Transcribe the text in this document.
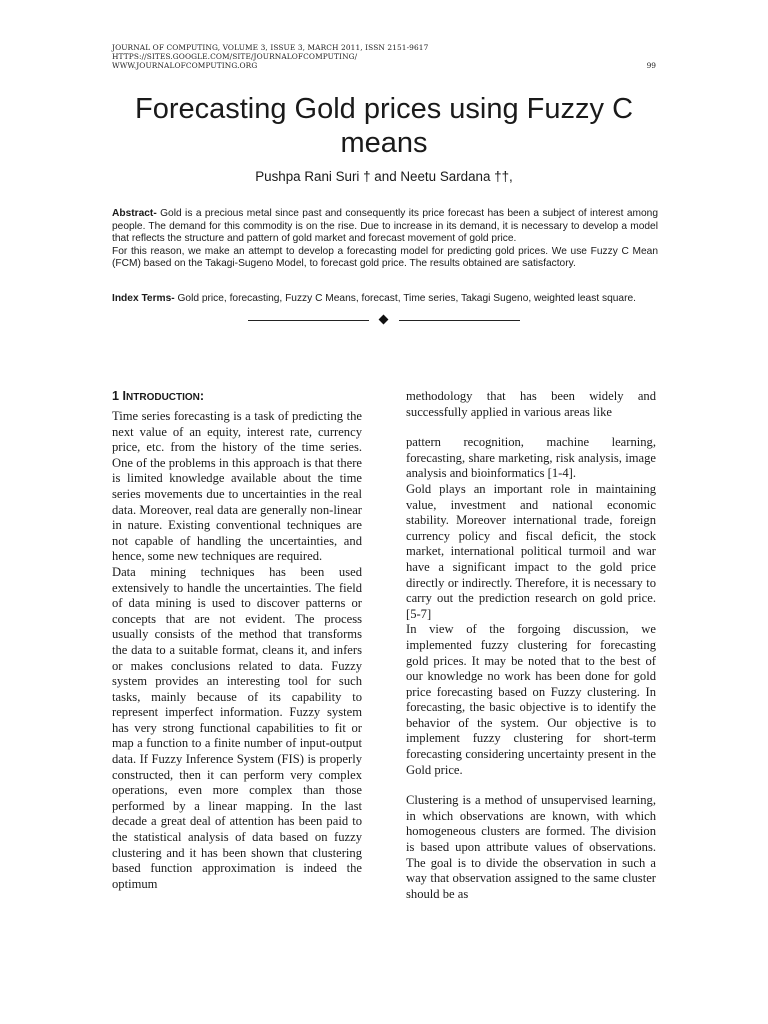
JOURNAL OF COMPUTING, VOLUME 3, ISSUE 3, MARCH 2011, ISSN 2151-9617
HTTPS://SITES.GOOGLE.COM/SITE/JOURNALOFCOMPUTING/
WWW.JOURNALOFCOMPUTING.ORG	99
Forecasting Gold prices using Fuzzy C
means
Pushpa Rani Suri † and Neetu Sardana ††,

Abstract- Gold is a precious metal since past and consequently its price forecast has been a subject of interest among people. The demand for this commodity is on the rise. Due to increase in its demand, it is necessary to develop a model that reflects the structure and pattern of gold market and forecast movement of gold price.

For this reason, we make an attempt to develop a forecasting model for predicting gold prices. We use Fuzzy C Mean (FCM) based on the Takagi-Sugeno Model, to forecast gold price. The results obtained are satisfactory.

Index Terms- Gold price, forecasting, Fuzzy C Means, forecast, Time series, Takagi Sugeno, weighted least square.
1 INTRODUCTION:

Time series forecasting is a task of predicting the next value of an equity, interest rate, currency price, etc. from the history of the time series. One of the problems in this approach is that there is limited knowledge available about the time series movements due to uncertainties in the real data. Moreover, real data are generally non-linear in nature. Existing conventional techniques are not capable of handling the uncertainties, and hence, some new techniques are required.

Data mining techniques has been used extensively to handle the uncertainties. The field of data mining is used to discover patterns or concepts that are not evident. The process usually consists of the method that transforms the data to a suitable format, cleans it, and infers or makes conclusions related to data. Fuzzy system provides an interesting tool for such tasks, mainly because of its capability to represent imperfect information. Fuzzy system has very strong functional capabilities to fit or map a function to a finite number of input-output data. If Fuzzy Inference System (FIS) is properly constructed, then it can perform very complex operations, even more complex than those performed by a linear mapping. In the last decade a great deal of attention has been paid to the statistical analysis of data based on fuzzy clustering and it has been shown that clustering based function approximation is indeed the optimum

methodology that has been widely and successfully applied in various areas like

pattern recognition, machine learning, forecasting, share marketing, risk analysis, image analysis and bioinformatics [1-4].

Gold plays an important role in maintaining value, investment and national economic stability. Moreover international trade, foreign currency policy and fiscal deficit, the stock market, international political turmoil and war have a significant impact to the gold price directly or indirectly. Therefore, it is necessary to carry out the prediction research on gold price. [5-7]

In view of the forgoing discussion, we implemented fuzzy clustering for forecasting gold prices. It may be noted that to the best of our knowledge no work has been done for gold price forecasting based on Fuzzy clustering. In forecasting, the basic objective is to identify the behavior of the system. Our objective is to implement fuzzy clustering for short-term forecasting considering uncertainty present in the Gold price.

Clustering is a method of unsupervised learning, in which observations are known, with which homogeneous clusters are formed. The division is based upon attribute values of observations. The goal is to divide the observation in such a way that observation assigned to the same cluster should be as
